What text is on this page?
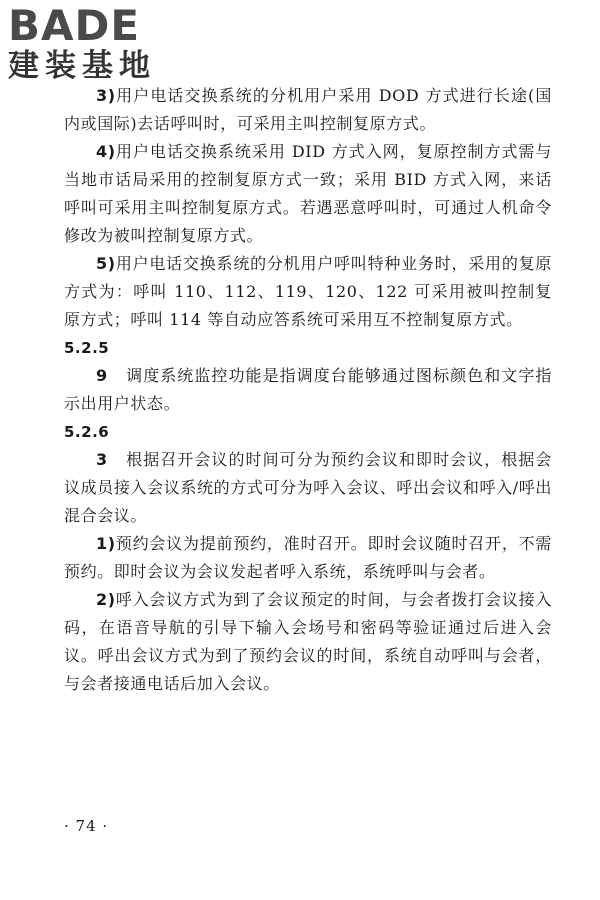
BADE
建装基地

3)用户电话交换系统的分机用户采用 DOD 方式进行长途(国内或国际)去话呼叫时，可采用主叫控制复原方式。

4)用户电话交换系统采用 DID 方式入网，复原控制方式需与当地市话局采用的控制复原方式一致；采用 BID 方式入网，来话呼叫可采用主叫控制复原方式。若遇恶意呼叫时，可通过人机命令修改为被叫控制复原方式。

5)用户电话交换系统的分机用户呼叫特种业务时，采用的复原方式为：呼叫 110、112、119、120、122 可采用被叫控制复原方式；呼叫 114 等自动应答系统可采用互不控制复原方式。

5.2.5

9 调度系统监控功能是指调度台能够通过图标颜色和文字指示出用户状态。

5.2.6

3 根据召开会议的时间可分为预约会议和即时会议，根据会议成员接入会议系统的方式可分为呼入会议、呼出会议和呼入/呼出混合会议。

1)预约会议为提前预约，准时召开。即时会议随时召开，不需预约。即时会议为会议发起者呼入系统，系统呼叫与会者。

2)呼入会议方式为到了会议预定的时间，与会者拨打会议接入码，在语音导航的引导下输入会场号和密码等验证通过后进入会议。呼出会议方式为到了预约会议的时间，系统自动呼叫与会者，与会者接通电话后加入会议。

· 74 ·
